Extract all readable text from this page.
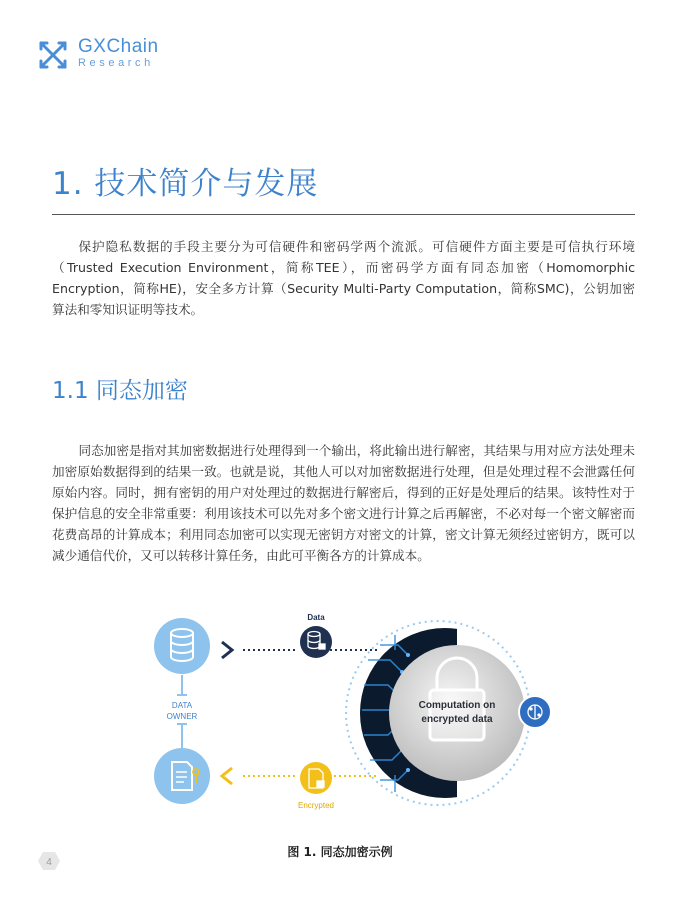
GXChain
Research
1. 技术简介与发展

保护隐私数据的手段主要分为可信硬件和密码学两个流派。可信硬件方面主要是可信执行环境（Trusted Execution Environment，简称TEE），而密码学方面有同态加密（Homomorphic Encryption，简称HE)，安全多方计算（Security Multi-Party Computation，简称SMC)，公钥加密算法和零知识证明等技术。

1.1 同态加密

同态加密是指对其加密数据进行处理得到一个输出，将此输出进行解密，其结果与用对应方法处理未加密原始数据得到的结果一致。也就是说，其他人可以对加密数据进行处理，但是处理过程不会泄露任何原始内容。同时，拥有密钥的用户对处理过的数据进行解密后，得到的正好是处理后的结果。该特性对于保护信息的安全非常重要：利用该技术可以先对多个密文进行计算之后再解密，不必对每一个密文解密而花费高昂的计算成本；利用同态加密可以实现无密钥方对密文的计算，密文计算无须经过密钥方，既可以减少通信代价，又可以转移计算任务，由此可平衡各方的计算成本。

Computation on
encrypted data
Data
DATA
OWNER
Encrypted
图 1. 同态加密示例
4
